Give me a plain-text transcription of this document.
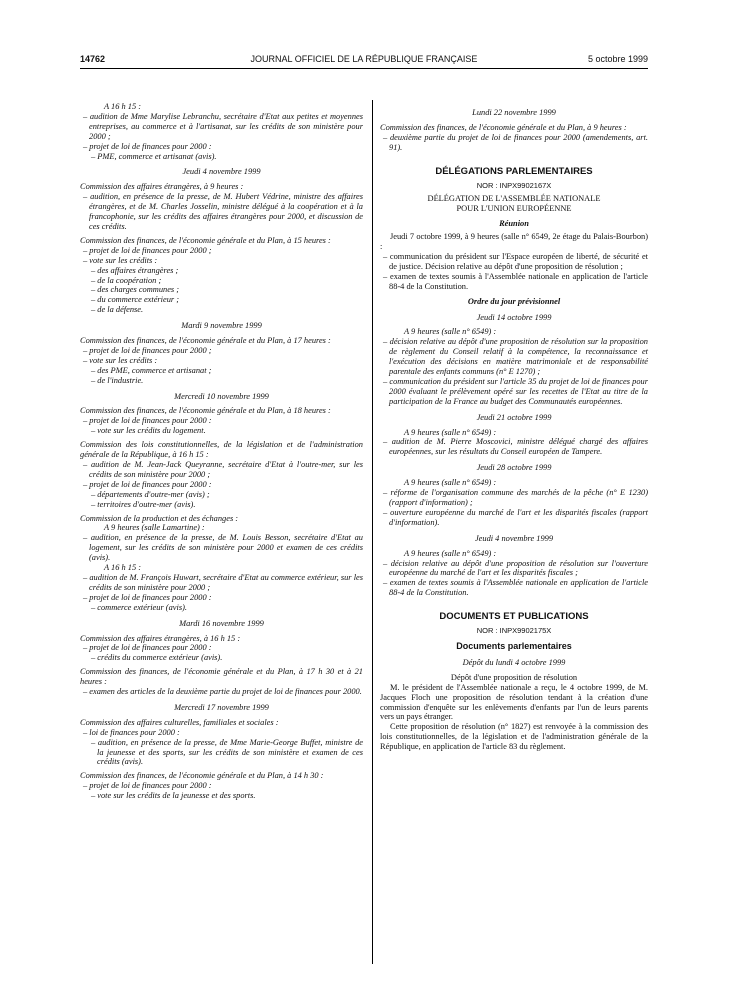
14762	JOURNAL OFFICIEL DE LA RÉPUBLIQUE FRANÇAISE	5 octobre 1999

A 16 h 15 :

– audition de Mme Marylise Lebranchu, secrétaire d'Etat aux petites et moyennes entreprises, au commerce et à l'artisanat, sur les crédits de son ministère pour 2000 ;

– projet de loi de finances pour 2000 :

– PME, commerce et artisanat (avis).

Jeudi 4 novembre 1999

Commission des affaires étrangères, à 9 heures :

– audition, en présence de la presse, de M. Hubert Védrine, ministre des affaires étrangères, et de M. Charles Josselin, ministre délégué à la coopération et à la francophonie, sur les crédits des affaires étrangères pour 2000, et discussion de ces crédits.

Commission des finances, de l'économie générale et du Plan, à 15 heures :

– projet de loi de finances pour 2000 ;

– vote sur les crédits :

– des affaires étrangères ;

– de la coopération ;

– des charges communes ;

– du commerce extérieur ;

– de la défense.

Mardi 9 novembre 1999

Commission des finances, de l'économie générale et du Plan, à 17 heures :

– projet de loi de finances pour 2000 ;

– vote sur les crédits :

– des PME, commerce et artisanat ;

– de l'industrie.

Mercredi 10 novembre 1999

Commission des finances, de l'économie générale et du Plan, à 18 heures :

– projet de loi de finances pour 2000 :

– vote sur les crédits du logement.

Commission des lois constitutionnelles, de la législation et de l'administration générale de la République, à 16 h 15 :

– audition de M. Jean-Jack Queyranne, secrétaire d'Etat à l'outre-mer, sur les crédits de son ministère pour 2000 ;

– projet de loi de finances pour 2000 :

– départements d'outre-mer (avis) ;

– territoires d'outre-mer (avis).

Commission de la production et des échanges :

A 9 heures (salle Lamartine) :

– audition, en présence de la presse, de M. Louis Besson, secrétaire d'Etat au logement, sur les crédits de son ministère pour 2000 et examen de ces crédits (avis).

A 16 h 15 :

– audition de M. François Huwart, secrétaire d'Etat au commerce extérieur, sur les crédits de son ministère pour 2000 ;

– projet de loi de finances pour 2000 :

– commerce extérieur (avis).

Mardi 16 novembre 1999

Commission des affaires étrangères, à 16 h 15 :

– projet de loi de finances pour 2000 :

– crédits du commerce extérieur (avis).

Commission des finances, de l'économie générale et du Plan, à 17 h 30 et à 21 heures :

– examen des articles de la deuxième partie du projet de loi de finances pour 2000.

Mercredi 17 novembre 1999

Commission des affaires culturelles, familiales et sociales :

– loi de finances pour 2000 :

– audition, en présence de la presse, de Mme Marie-George Buffet, ministre de la jeunesse et des sports, sur les crédits de son ministère et examen de ces crédits (avis).

Commission des finances, de l'économie générale et du Plan, à 14 h 30 :

– projet de loi de finances pour 2000 :

– vote sur les crédits de la jeunesse et des sports.

Lundi 22 novembre 1999

Commission des finances, de l'économie générale et du Plan, à 9 heures :

– deuxième partie du projet de loi de finances pour 2000 (amendements, art. 91).

DÉLÉGATIONS PARLEMENTAIRES

NOR : INPX9902167X

DÉLÉGATION DE L'ASSEMBLÉE NATIONALE

POUR L'UNION EUROPÉENNE

Réunion

Jeudi 7 octobre 1999, à 9 heures (salle n° 6549, 2e étage du Palais-Bourbon) :

– communication du président sur l'Espace européen de liberté, de sécurité et de justice. Décision relative au dépôt d'une proposition de résolution ;

– examen de textes soumis à l'Assemblée nationale en application de l'article 88-4 de la Constitution.

Ordre du jour prévisionnel

Jeudi 14 octobre 1999

A 9 heures (salle n° 6549) :

– décision relative au dépôt d'une proposition de résolution sur la proposition de règlement du Conseil relatif à la compétence, la reconnaissance et l'exécution des décisions en matière matrimoniale et de responsabilité parentale des enfants communs (n° E 1270) ;

– communication du président sur l'article 35 du projet de loi de finances pour 2000 évaluant le prélèvement opéré sur les recettes de l'Etat au titre de la participation de la France au budget des Communautés européennes.

Jeudi 21 octobre 1999

A 9 heures (salle n° 6549) :

– audition de M. Pierre Moscovici, ministre délégué chargé des affaires européennes, sur les résultats du Conseil européen de Tampere.

Jeudi 28 octobre 1999

A 9 heures (salle n° 6549) :

– réforme de l'organisation commune des marchés de la pêche (n° E 1230) (rapport d'information) ;

– ouverture européenne du marché de l'art et les disparités fiscales (rapport d'information).

Jeudi 4 novembre 1999

A 9 heures (salle n° 6549) :

– décision relative au dépôt d'une proposition de résolution sur l'ouverture européenne du marché de l'art et les disparités fiscales ;

– examen de textes soumis à l'Assemblée nationale en application de l'article 88-4 de la Constitution.

DOCUMENTS ET PUBLICATIONS

NOR : INPX9902175X

Documents parlementaires

Dépôt du lundi 4 octobre 1999

Dépôt d'une proposition de résolution

M. le président de l'Assemblée nationale a reçu, le 4 octobre 1999, de M. Jacques Floch une proposition de résolution tendant à la création d'une commission d'enquête sur les enlèvements d'enfants par l'un de leurs parents vers un pays étranger.

Cette proposition de résolution (n° 1827) est renvoyée à la commission des lois constitutionnelles, de la législation et de l'administration générale de la République, en application de l'article 83 du règlement.
